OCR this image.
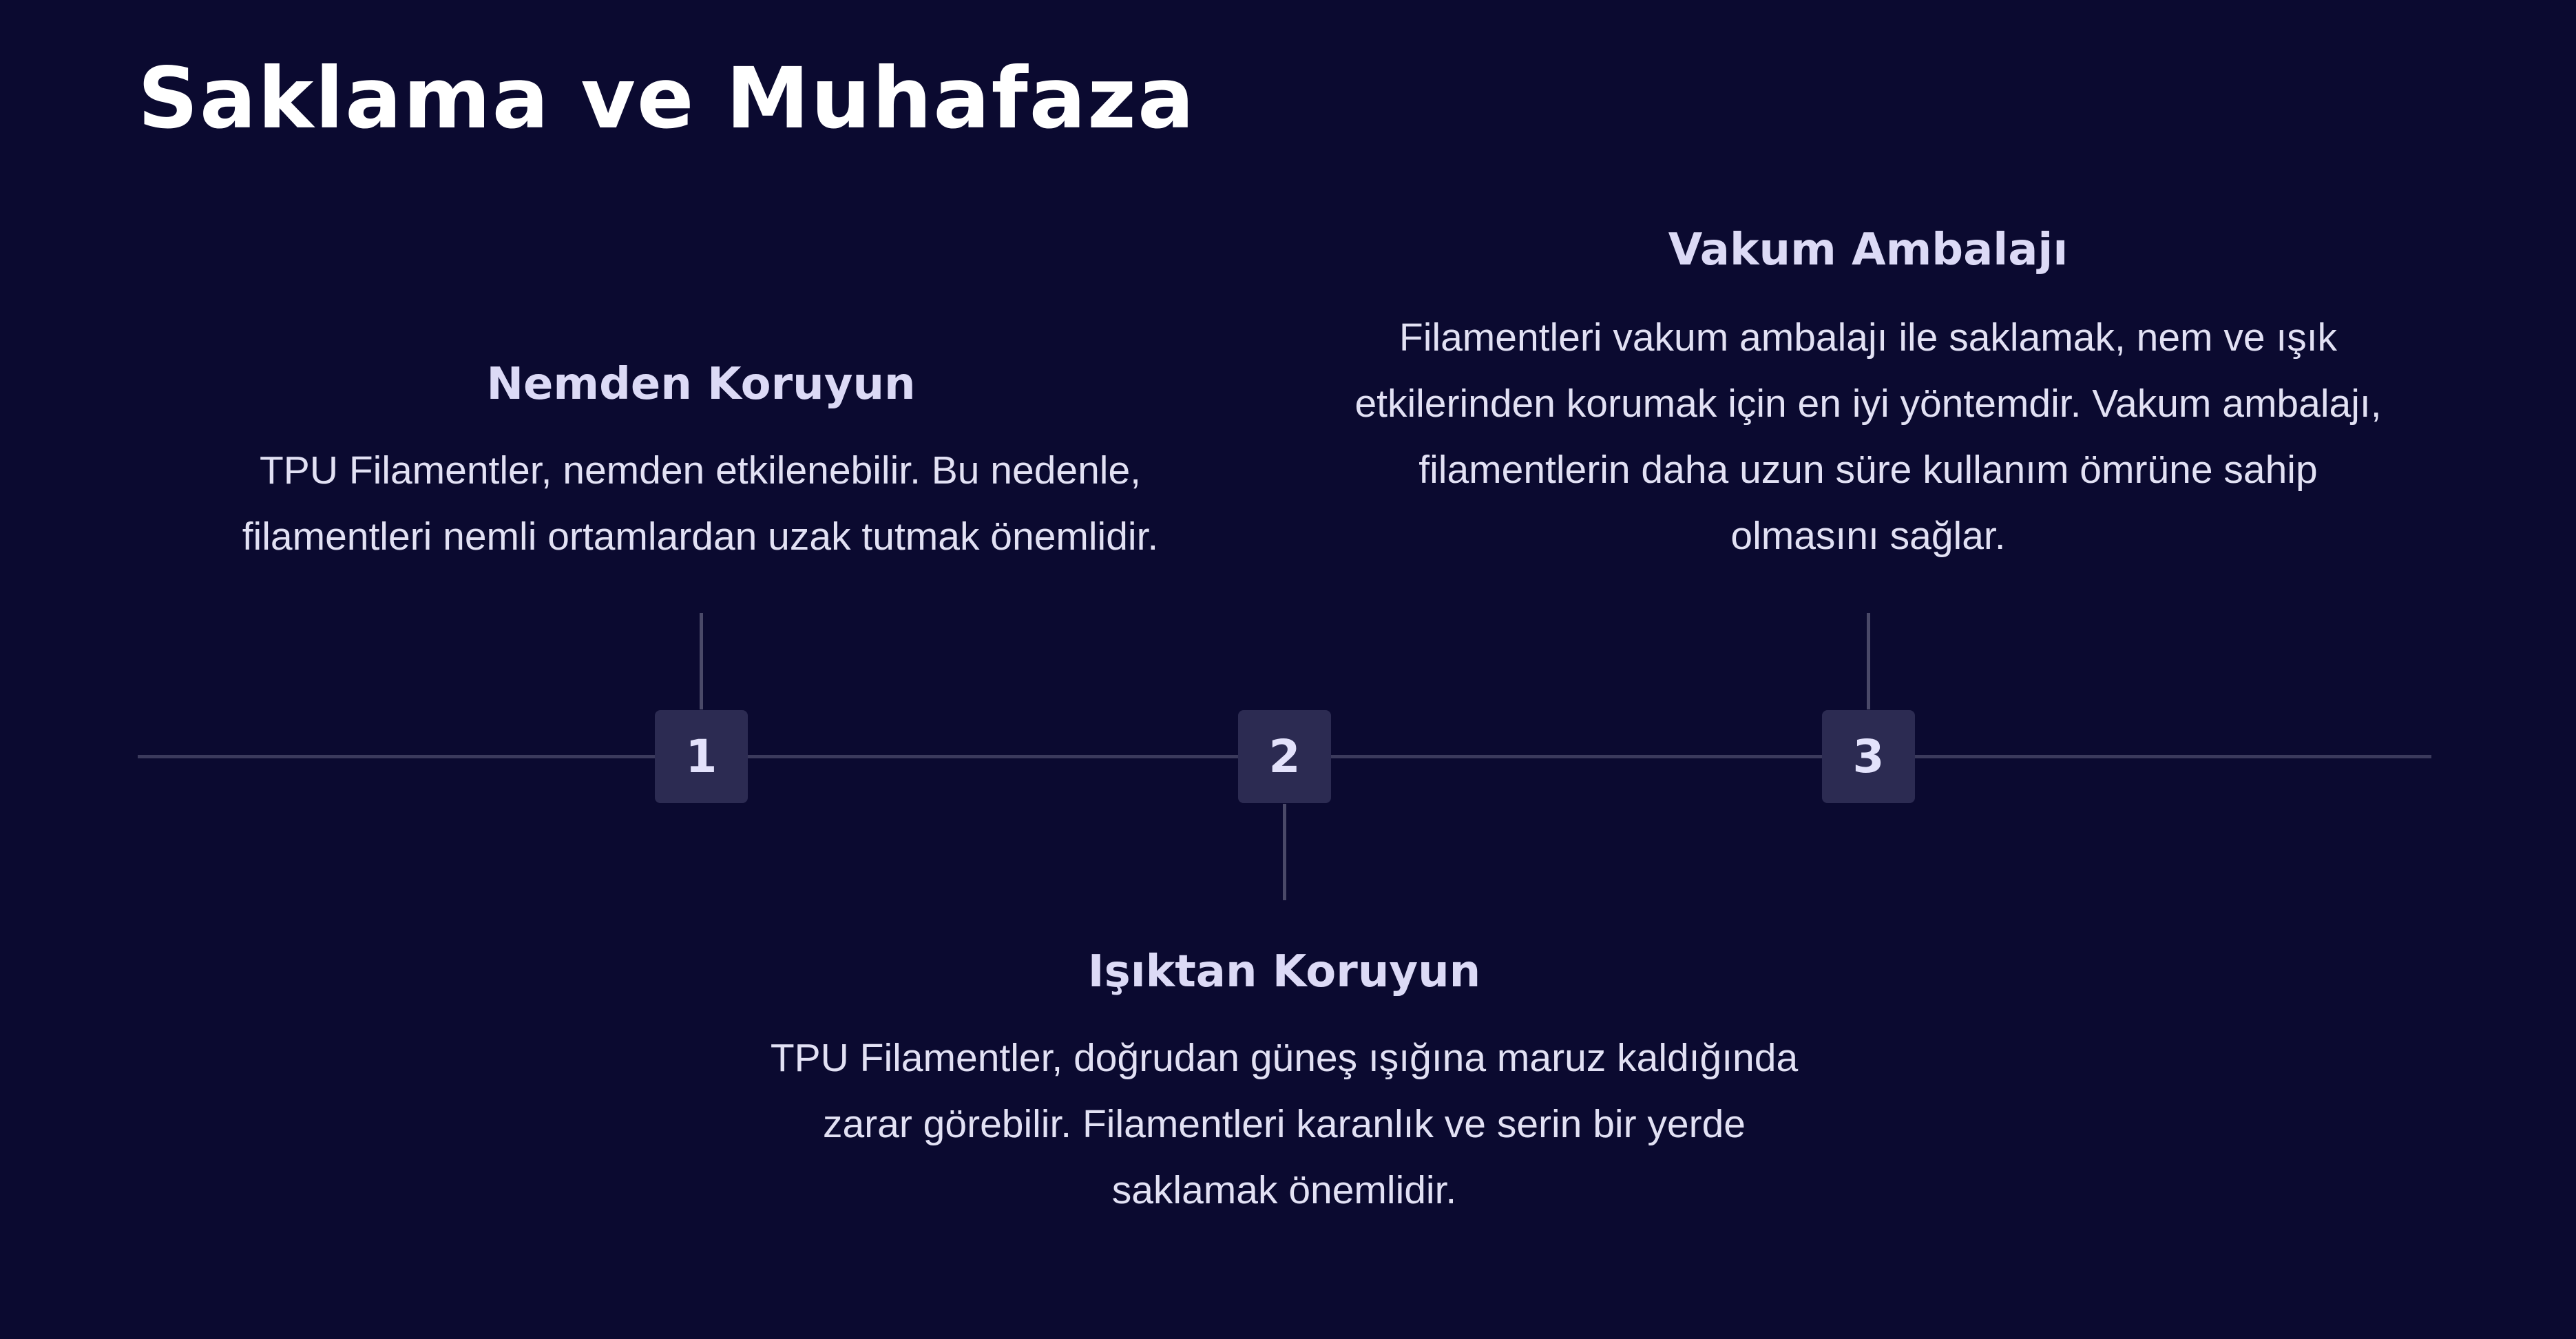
Saklama ve Muhafaza
1
Nemden Koruyun

TPU Filamentler, nemden etkilenebilir. Bu nedenle, filamentleri nemli ortamlardan uzak tutmak önemlidir.

2
Işıktan Koruyun

TPU Filamentler, doğrudan güneş ışığına maruz kaldığında zarar görebilir. Filamentleri karanlık ve serin bir yerde saklamak önemlidir.

3
Vakum Ambalajı

Filamentleri vakum ambalajı ile saklamak, nem ve ışık etkilerinden korumak için en iyi yöntemdir. Vakum ambalajı, filamentlerin daha uzun süre kullanım ömrüne sahip olmasını sağlar.
